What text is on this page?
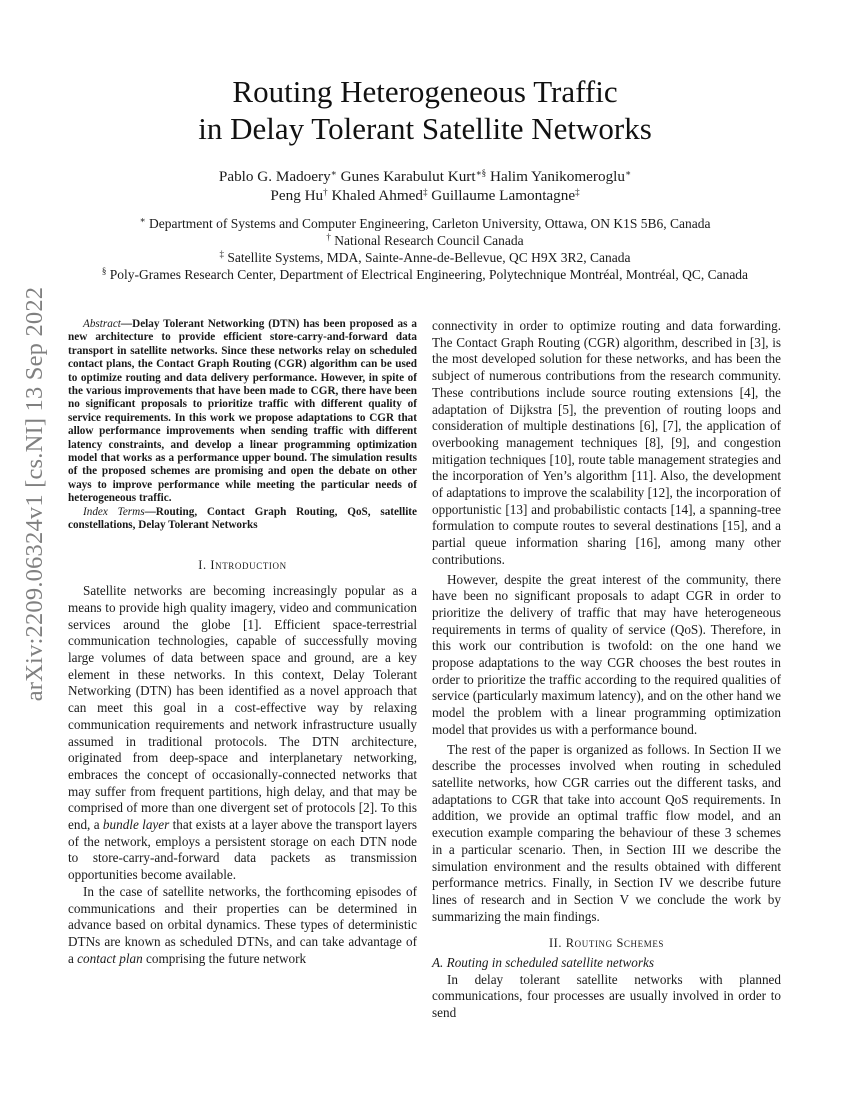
arXiv:2209.06324v1 [cs.NI] 13 Sep 2022
Routing Heterogeneous Traffic
in Delay Tolerant Satellite Networks
Pablo G. Madoery∗ Gunes Karabulut Kurt∗§ Halim Yanikomeroglu∗
Peng Hu† Khaled Ahmed‡ Guillaume Lamontagne‡
∗ Department of Systems and Computer Engineering, Carleton University, Ottawa, ON K1S 5B6, Canada
† National Research Council Canada
‡ Satellite Systems, MDA, Sainte-Anne-de-Bellevue, QC H9X 3R2, Canada
§ Poly-Grames Research Center, Department of Electrical Engineering, Polytechnique Montréal, Montréal, QC, Canada

Abstract—Delay Tolerant Networking (DTN) has been proposed as a new architecture to provide efficient store-carry-and-forward data transport in satellite networks. Since these networks relay on scheduled contact plans, the Contact Graph Routing (CGR) algorithm can be used to optimize routing and data delivery performance. However, in spite of the various improvements that have been made to CGR, there have been no significant proposals to prioritize traffic with different quality of service requirements. In this work we propose adaptations to CGR that allow performance improvements when sending traffic with different latency constraints, and develop a linear programming optimization model that works as a performance upper bound. The simulation results of the proposed schemes are promising and open the debate on other ways to improve performance while meeting the particular needs of heterogeneous traffic.

Index Terms—Routing, Contact Graph Routing, QoS, satellite constellations, Delay Tolerant Networks

I. Introduction

Satellite networks are becoming increasingly popular as a means to provide high quality imagery, video and communication services around the globe [1]. Efficient space-terrestrial communication technologies, capable of successfully moving large volumes of data between space and ground, are a key element in these networks. In this context, Delay Tolerant Networking (DTN) has been identified as a novel approach that can meet this goal in a cost-effective way by relaxing communication requirements and network infrastructure usually assumed in traditional protocols. The DTN architecture, originated from deep-space and interplanetary networking, embraces the concept of occasionally-connected networks that may suffer from frequent partitions, high delay, and that may be comprised of more than one divergent set of protocols [2]. To this end, a bundle layer that exists at a layer above the transport layers of the network, employs a persistent storage on each DTN node to store-carry-and-forward data packets as transmission opportunities become available.

In the case of satellite networks, the forthcoming episodes of communications and their properties can be determined in advance based on orbital dynamics. These types of deterministic DTNs are known as scheduled DTNs, and can take advantage of a contact plan comprising the future network

connectivity in order to optimize routing and data forwarding. The Contact Graph Routing (CGR) algorithm, described in [3], is the most developed solution for these networks, and has been the subject of numerous contributions from the research community. These contributions include source routing extensions [4], the adaptation of Dijkstra [5], the prevention of routing loops and consideration of multiple destinations [6], [7], the application of overbooking management techniques [8], [9], and congestion mitigation techniques [10], route table management strategies and the incorporation of Yen’s algorithm [11]. Also, the development of adaptations to improve the scalability [12], the incorporation of opportunistic [13] and probabilistic contacts [14], a spanning-tree formulation to compute routes to several destinations [15], and a partial queue information sharing [16], among many other contributions.

However, despite the great interest of the community, there have been no significant proposals to adapt CGR in order to prioritize the delivery of traffic that may have heterogeneous requirements in terms of quality of service (QoS). Therefore, in this work our contribution is twofold: on the one hand we propose adaptations to the way CGR chooses the best routes in order to prioritize the traffic according to the required qualities of service (particularly maximum latency), and on the other hand we model the problem with a linear programming optimization model that provides us with a performance bound.

The rest of the paper is organized as follows. In Section II we describe the processes involved when routing in scheduled satellite networks, how CGR carries out the different tasks, and adaptations to CGR that take into account QoS requirements. In addition, we provide an optimal traffic flow model, and an execution example comparing the behaviour of these 3 schemes in a particular scenario. Then, in Section III we describe the simulation environment and the results obtained with different performance metrics. Finally, in Section IV we describe future lines of research and in Section V we conclude the work by summarizing the main findings.

II. Routing Schemes

A. Routing in scheduled satellite networks

In delay tolerant satellite networks with planned communications, four processes are usually involved in order to send
